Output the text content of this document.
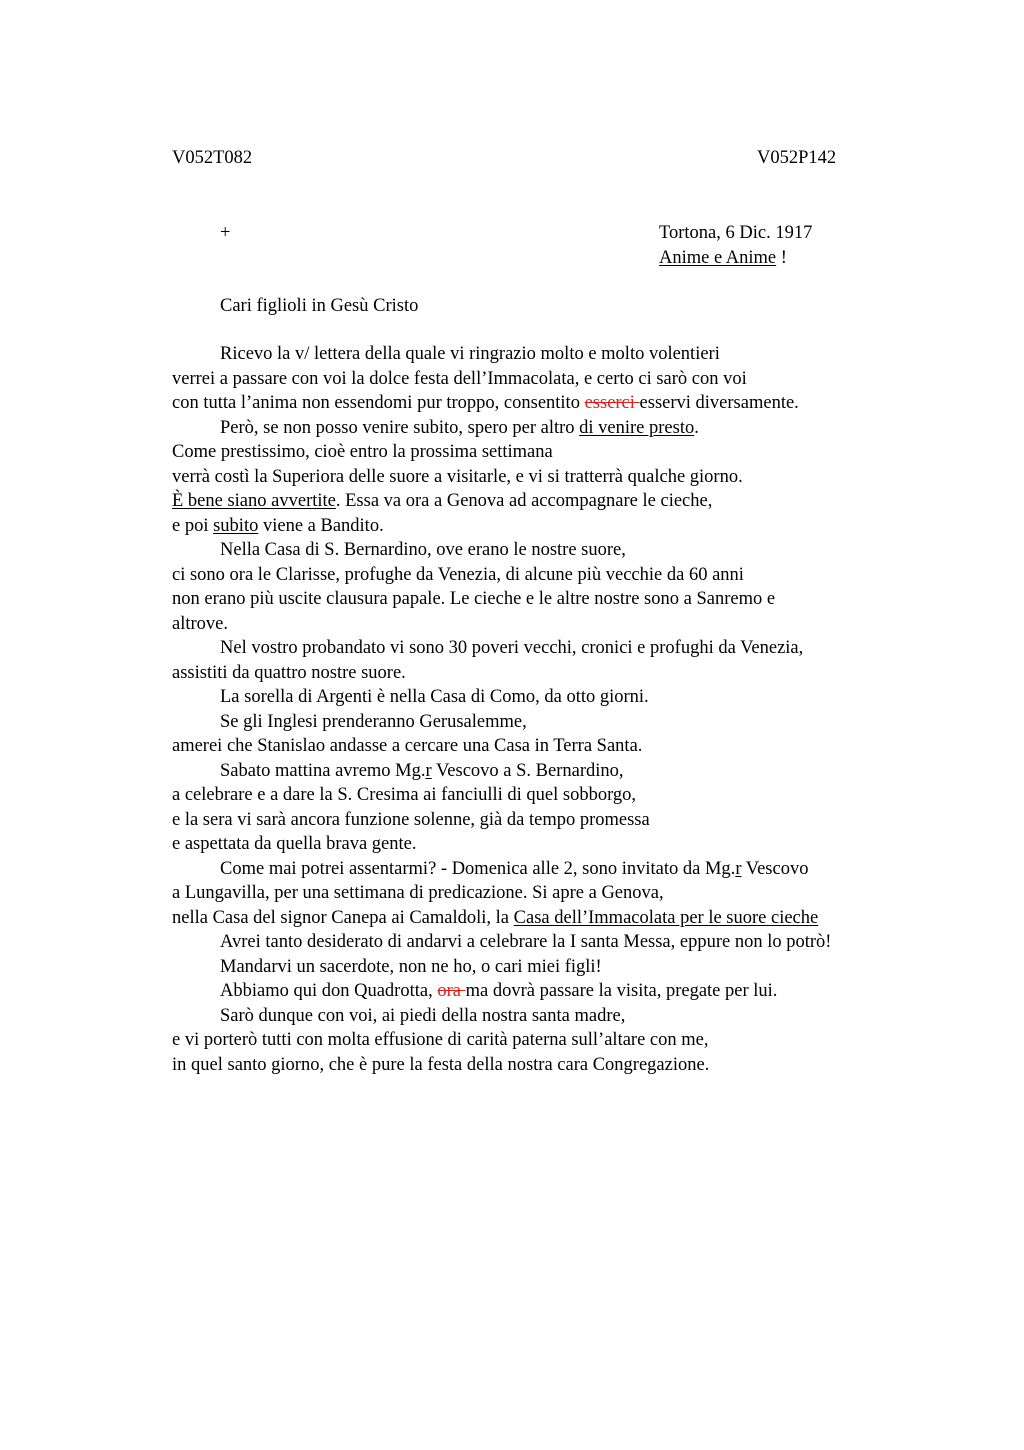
V052T082	V052P142
+	Tortona, 6 Dic. 1917
Anime e Anime !
Cari figlioli in Gesù Cristo
Ricevo la v/ lettera della quale vi ringrazio molto e molto volentieri
verrei a passare con voi la dolce festa dell’Immacolata, e certo ci sarò con voi
con tutta l’anima non essendomi pur troppo, consentito esserci esservi diversamente.
Però, se non posso venire subito, spero per altro di venire presto.
Come prestissimo, cioè entro la prossima settimana
verrà costì la Superiora delle suore a visitarle, e vi si tratterrà qualche giorno.
È bene siano avvertite. Essa va ora a Genova ad accompagnare le cieche,
e poi subito viene a Bandito.
Nella Casa di S. Bernardino, ove erano le nostre suore,
ci sono ora le Clarisse, profughe da Venezia, di alcune più vecchie da 60 anni
non erano più uscite clausura papale. Le cieche e le altre nostre sono a Sanremo e
altrove.
Nel vostro probandato vi sono 30 poveri vecchi, cronici e profughi da Venezia,
assistiti da quattro nostre suore.
La sorella di Argenti è nella Casa di Como, da otto giorni.
Se gli Inglesi prenderanno Gerusalemme,
amerei che Stanislao andasse a cercare una Casa in Terra Santa.
Sabato mattina avremo Mg.r Vescovo a S. Bernardino,
a celebrare e a dare la S. Cresima ai fanciulli di quel sobborgo,
e la sera vi sarà ancora funzione solenne, già da tempo promessa
e aspettata da quella brava gente.
Come mai potrei assentarmi? - Domenica alle 2, sono invitato da Mg.r Vescovo
a Lungavilla, per una settimana di predicazione. Si apre a Genova,
nella Casa del signor Canepa ai Camaldoli, la Casa dell’Immacolata per le suore cieche
Avrei tanto desiderato di andarvi a celebrare la I santa Messa, eppure non lo potrò!
Mandarvi un sacerdote, non ne ho, o cari miei figli!
Abbiamo qui don Quadrotta, ora ma dovrà passare la visita, pregate per lui.
Sarò dunque con voi, ai piedi della nostra santa madre,
e vi porterò tutti con molta effusione di carità paterna sull’altare con me,
in quel santo giorno, che è pure la festa della nostra cara Congregazione.
